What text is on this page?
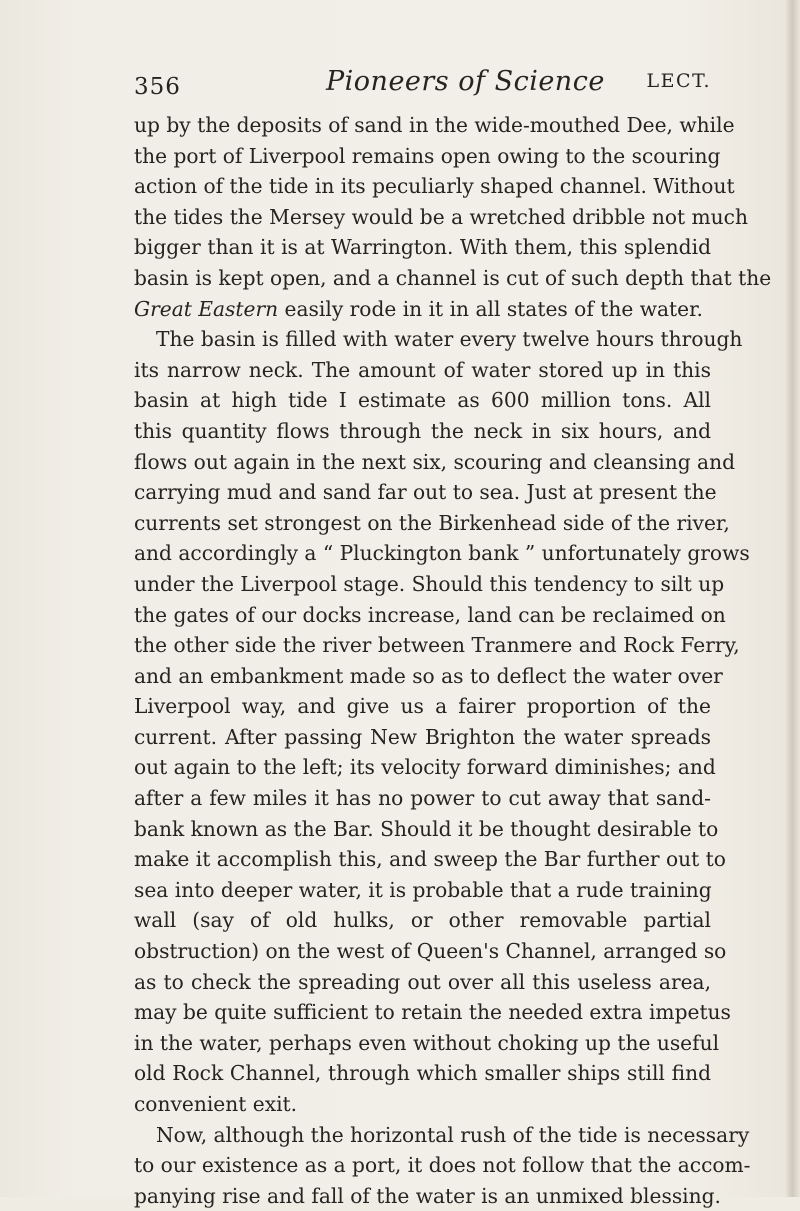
356	Pioneers of Science LECT.
up by the deposits of sand in the wide-mouthed Dee, while
the port of Liverpool remains open owing to the scouring
action of the tide in its peculiarly shaped channel. Without
the tides the Mersey would be a wretched dribble not much
bigger than it is at Warrington. With them, this splendid
basin is kept open, and a channel is cut of such depth that the
Great Eastern easily rode in it in all states of the water.
The basin is filled with water every twelve hours through
its narrow neck. The amount of water stored up in this
basin at high tide I estimate as 600 million tons. All
this quantity flows through the neck in six hours, and
flows out again in the next six, scouring and cleansing and
carrying mud and sand far out to sea. Just at present the
currents set strongest on the Birkenhead side of the river,
and accordingly a “ Pluckington bank ” unfortunately grows
under the Liverpool stage. Should this tendency to silt up
the gates of our docks increase, land can be reclaimed on
the other side the river between Tranmere and Rock Ferry,
and an embankment made so as to deflect the water over
Liverpool way, and give us a fairer proportion of the
current. After passing New Brighton the water spreads
out again to the left; its velocity forward diminishes; and
after a few miles it has no power to cut away that sand-
bank known as the Bar. Should it be thought desirable to
make it accomplish this, and sweep the Bar further out to
sea into deeper water, it is probable that a rude training
wall (say of old hulks, or other removable partial
obstruction) on the west of Queen's Channel, arranged so
as to check the spreading out over all this useless area,
may be quite sufficient to retain the needed extra impetus
in the water, perhaps even without choking up the useful
old Rock Channel, through which smaller ships still find
convenient exit.
Now, although the horizontal rush of the tide is necessary
to our existence as a port, it does not follow that the accom-
panying rise and fall of the water is an unmixed blessing.
